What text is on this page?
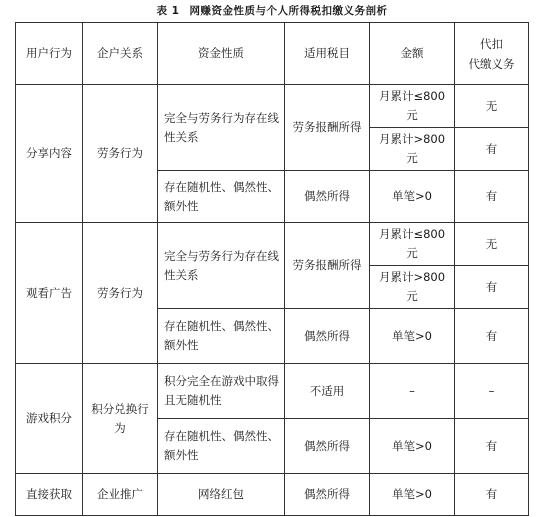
表 1 网赚资金性质与个人所得税扣缴义务剖析
用户行为	企户关系	资金性质	适用税目	金额	代扣
代缴义务
分享内容	劳务行为	完全与劳务行为存在线性关系	劳务报酬所得	月累计≤800 元	无
				月累计>800 元	有
		存在随机性、偶然性、额外性	偶然所得	单笔>0	有
观看广告	劳务行为	完全与劳务行为存在线性关系	劳务报酬所得	月累计≤800 元	无
				月累计>800 元	有
		存在随机性、偶然性、额外性	偶然所得	单笔>0	有
游戏积分	积分兑换行为	积分完全在游戏中取得且无随机性	不适用	–	–
		存在随机性、偶然性、额外性	偶然所得	单笔>0	有
直接获取	企业推广	网络红包	偶然所得	单笔>0	有
